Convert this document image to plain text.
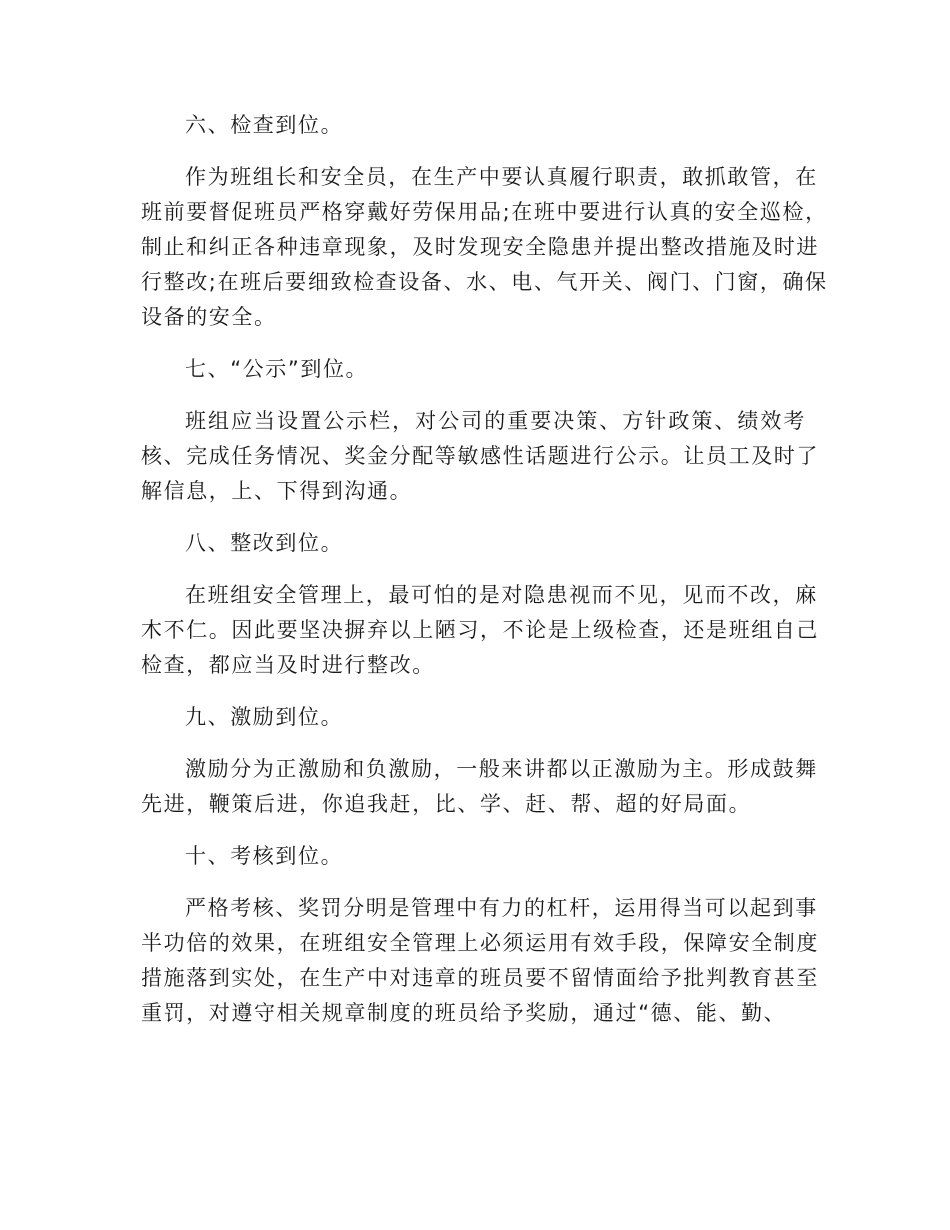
六、检查到位。
作为班组长和安全员，在生产中要认真履行职责，敢抓敢管，在
班前要督促班员严格穿戴好劳保用品;在班中要进行认真的安全巡检，
制止和纠正各种违章现象，及时发现安全隐患并提出整改措施及时进
行整改;在班后要细致检查设备、水、电、气开关、阀门、门窗，确保
设备的安全。
七、“公示”到位。
班组应当设置公示栏，对公司的重要决策、方针政策、绩效考
核、完成任务情况、奖金分配等敏感性话题进行公示。让员工及时了
解信息，上、下得到沟通。
八、整改到位。
在班组安全管理上，最可怕的是对隐患视而不见，见而不改，麻
木不仁。因此要坚决摒弃以上陋习，不论是上级检查，还是班组自己
检查，都应当及时进行整改。
九、激励到位。
激励分为正激励和负激励，一般来讲都以正激励为主。形成鼓舞
先进，鞭策后进，你追我赶，比、学、赶、帮、超的好局面。
十、考核到位。
严格考核、奖罚分明是管理中有力的杠杆，运用得当可以起到事
半功倍的效果，在班组安全管理上必须运用有效手段，保障安全制度
措施落到实处，在生产中对违章的班员要不留情面给予批判教育甚至
重罚，对遵守相关规章制度的班员给予奖励，通过“德、能、勤、
